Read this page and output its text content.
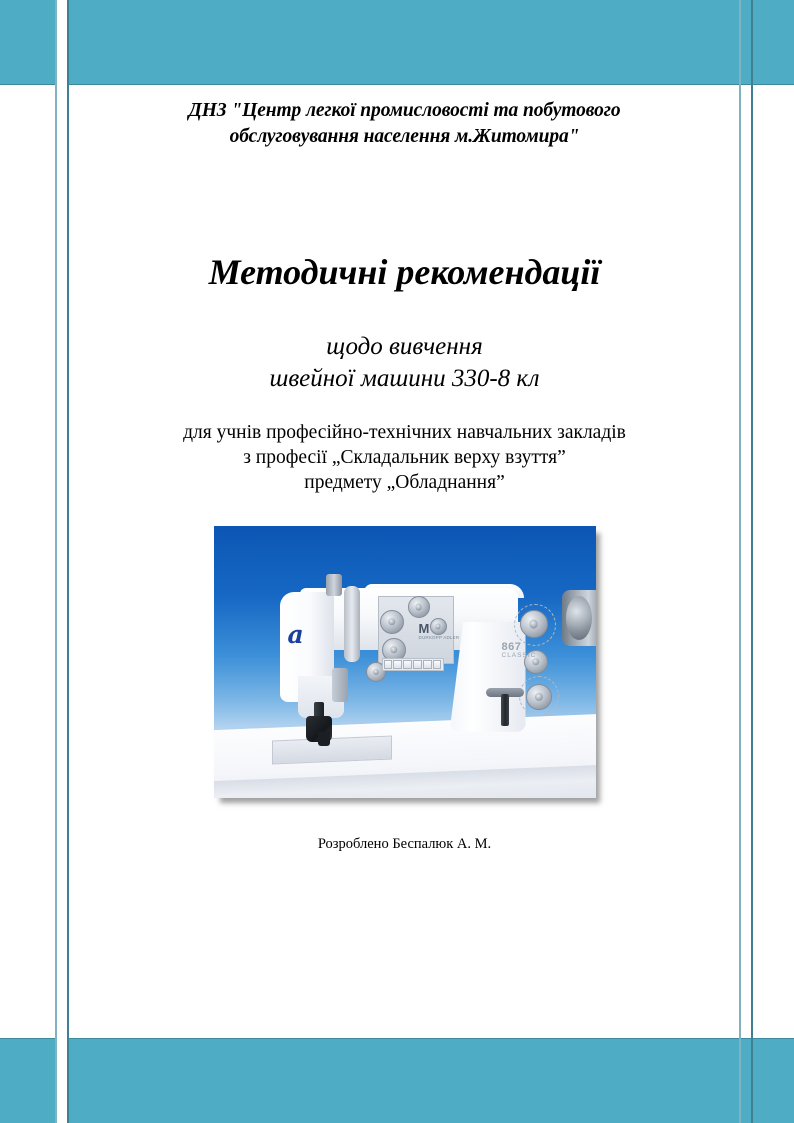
ДНЗ "Центр легкої промисловості та побутового
обслуговування населення м.Житомира"
Методичні рекомендації
щодо вивчення
швейної машини 330-8 кл
для учнів професійно-технічних навчальних закладів
з професії „Складальник верху взуття”
предмету „Обладнання”
a	M
DURKOPP ADLER
867
CLASSIC
Розроблено Беспалюк А. М.
